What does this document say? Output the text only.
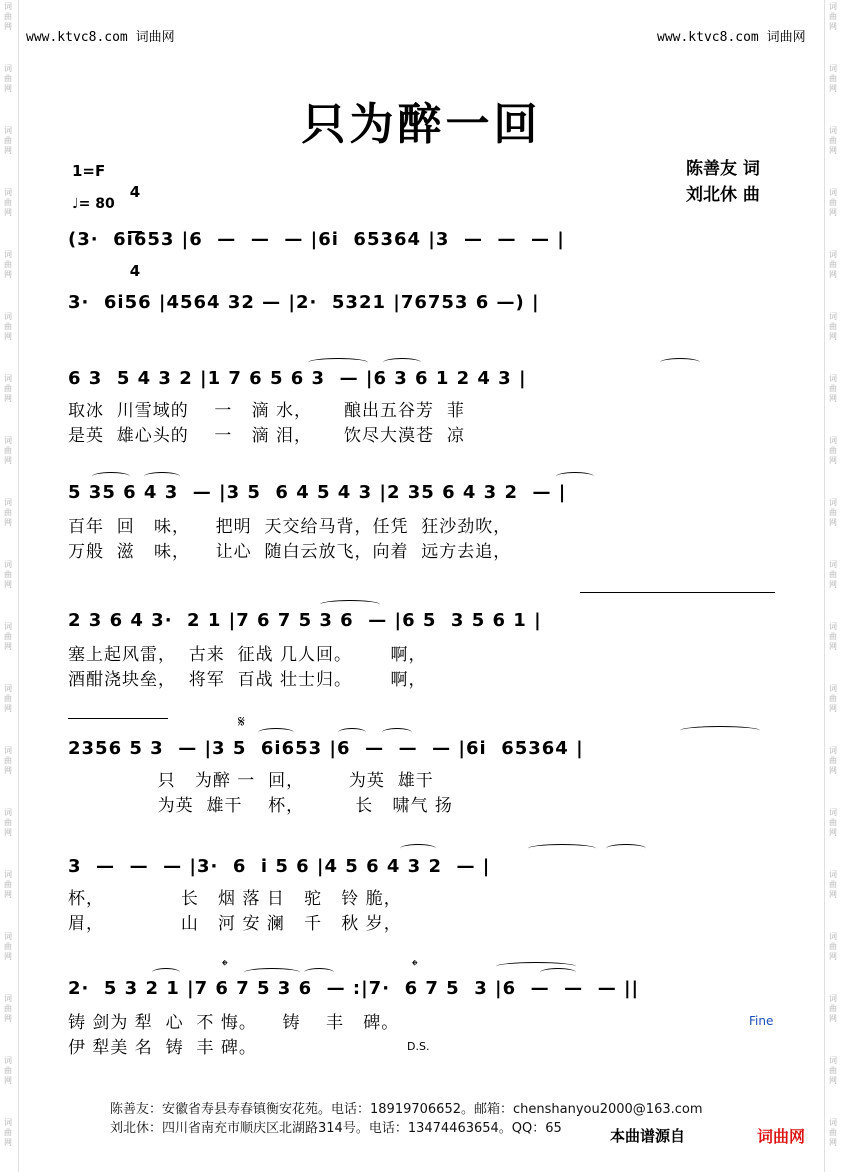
词
曲
网
词
曲
网
词
曲
网
词
曲
网
词
曲
网
词
曲
网
词
曲
网
词
曲
网
词
曲
网
词
曲
网
词
曲
网
词
曲
网
词
曲
网
词
曲
网
词
曲
网
词
曲
网
词
曲
网
词
曲
网
词
曲
网
词
曲
网
词
曲
网
词
曲
网
词
曲
网
词
曲
网
词
曲
网
词
曲
网
词
曲
网
词
曲
网
词
曲
网
词
曲
网
词
曲
网
词
曲
网
词
曲
网
词
曲
网
词
曲
网
词
曲
网
词
曲
网
词
曲
网
www.ktvc8.com 词曲网	www.ktvc8.com 词曲网
只为醉一回
陈善友 词
刘北休 曲
1=F

4

4

♩= 80
(3·  6i653 |6  —  —  — |6i  65364 |3  —  —  — |
3·  6i56 |4564 32 — |2·  5321 |76753 6 —) |
6 3  5 4 3 2 |1 7 6 5 6 3  — |6 3 6 1 2 4 3 |
取冰  川雪域的    一   滴 水，     酿出五谷芳  菲
是英  雄心头的    一   滴 泪，     饮尽大漠苍  凉
5 35 6 4 3  — |3 5  6 4 5 4 3 |2 35 6 4 3 2  — |
百年  回   味，    把明  天交给马背，任凭  狂沙劲吹，
万般  滋   味，    让心  随白云放飞，向着  远方去追，
2 3 6 4 3·  2 1 |7 6 7 5 3 6  — |6 5  3 5 6 1 |
塞上起风雷，  古来  征战 几人回。      啊，
酒酣浇块垒，  将军  百战 壮士归。      啊，
𝄋
2356 5 3  — |3 5  6i653 |6  —  —  — |6i  65364 |
只   为醉 一  回，       为英  雄干
为英  雄干    杯，        长   啸气 扬
3  —  —  — |3·  6  i 5 6 |4 5 6 4 3 2  — |
杯，            长   烟 落 日   驼   铃 脆，
眉，            山   河 安 澜   千   秋 岁，
𝄌	𝄌
2·  5 3 2 1 |7 6 7 5 3 6  — :|7·  6 7 5  3 |6  —  —  — ||
铸 剑为 犁  心  不 悔。    铸    丰   碑。
伊 犁美 名  铸  丰 碑。
Fine
D.S.
陈善友：安徽省寿县寿春镇衡安花苑。电话：18919706652。邮箱：chenshanyou2000@163.com
刘北休：四川省南充市顺庆区北湖路314号。电话：13474463654。QQ：65	本曲谱源自	词曲网
